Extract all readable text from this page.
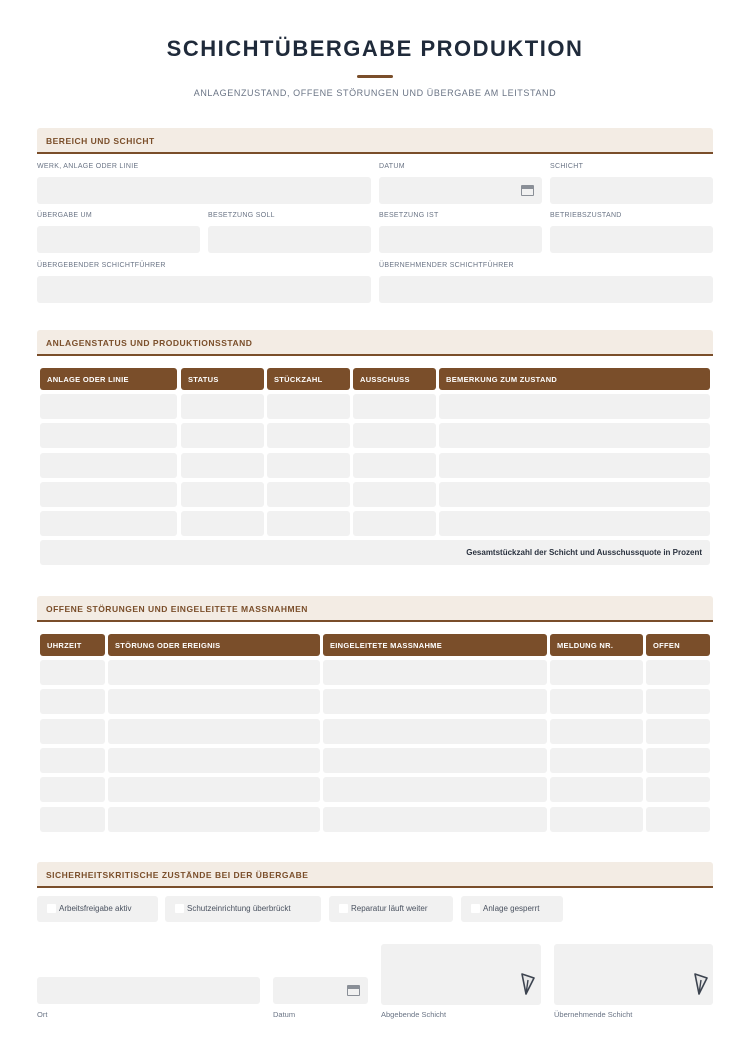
SCHICHTÜBERGABE PRODUKTION
ANLAGENZUSTAND, OFFENE STÖRUNGEN UND ÜBERGABE AM LEITSTAND
BEREICH UND SCHICHT
WERK, ANLAGE ODER LINIE	DATUM	SCHICHT
ÜBERGABE UM	BESETZUNG SOLL	BESETZUNG IST	BETRIEBSZUSTAND
ÜBERGEBENDER SCHICHTFÜHRER	ÜBERNEHMENDER SCHICHTFÜHRER
ANLAGENSTATUS UND PRODUKTIONSSTAND
ANLAGE ODER LINIE	STATUS	STÜCKZAHL	AUSSCHUSS	BEMERKUNG ZUM ZUSTAND
Gesamtstückzahl der Schicht und Ausschussquote in Prozent
OFFENE STÖRUNGEN UND EINGELEITETE MASSNAHMEN
UHRZEIT	STÖRUNG ODER EREIGNIS	EINGELEITETE MASSNAHME	MELDUNG NR.	OFFEN
SICHERHEITSKRITISCHE ZUSTÄNDE BEI DER ÜBERGABE
Arbeitsfreigabe aktiv	Schutzeinrichtung überbrückt	Reparatur läuft weiter	Anlage gesperrt
Ort	Datum	Abgebende Schicht	Übernehmende Schicht
